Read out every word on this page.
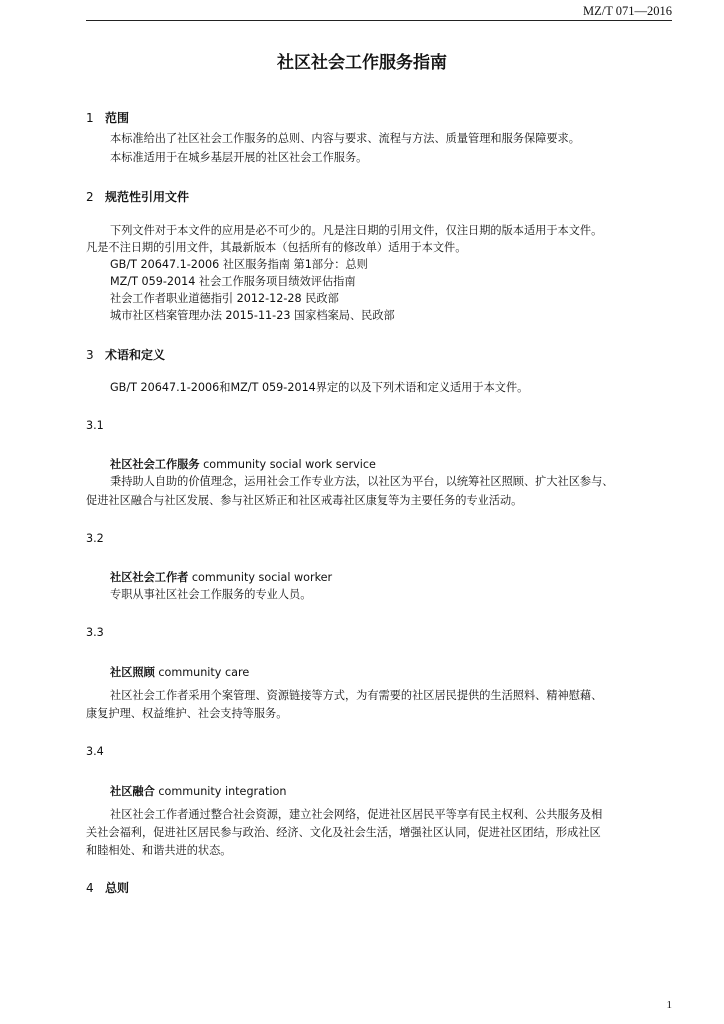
MZ/T 071—2016
社区社会工作服务指南
1 范围
本标准给出了社区社会工作服务的总则、内容与要求、流程与方法、质量管理和服务保障要求。
本标准适用于在城乡基层开展的社区社会工作服务。
2 规范性引用文件
下列文件对于本文件的应用是必不可少的。凡是注日期的引用文件，仅注日期的版本适用于本文件。
凡是不注日期的引用文件，其最新版本（包括所有的修改单）适用于本文件。
GB/T 20647.1-2006 社区服务指南 第1部分：总则
MZ/T 059-2014 社会工作服务项目绩效评估指南
社会工作者职业道德指引 2012-12-28 民政部
城市社区档案管理办法 2015-11-23 国家档案局、民政部
3 术语和定义
GB/T 20647.1-2006和MZ/T 059-2014界定的以及下列术语和定义适用于本文件。
3.1
社区社会工作服务 community social work service
秉持助人自助的价值理念，运用社会工作专业方法，以社区为平台，以统筹社区照顾、扩大社区参与、
促进社区融合与社区发展、参与社区矫正和社区戒毒社区康复等为主要任务的专业活动。
3.2
社区社会工作者 community social worker
专职从事社区社会工作服务的专业人员。
3.3
社区照顾 community care
社区社会工作者采用个案管理、资源链接等方式，为有需要的社区居民提供的生活照料、精神慰藉、
康复护理、权益维护、社会支持等服务。
3.4
社区融合 community integration
社区社会工作者通过整合社会资源，建立社会网络，促进社区居民平等享有民主权利、公共服务及相
关社会福利，促进社区居民参与政治、经济、文化及社会生活，增强社区认同，促进社区团结，形成社区
和睦相处、和谐共进的状态。
4 总则
1
